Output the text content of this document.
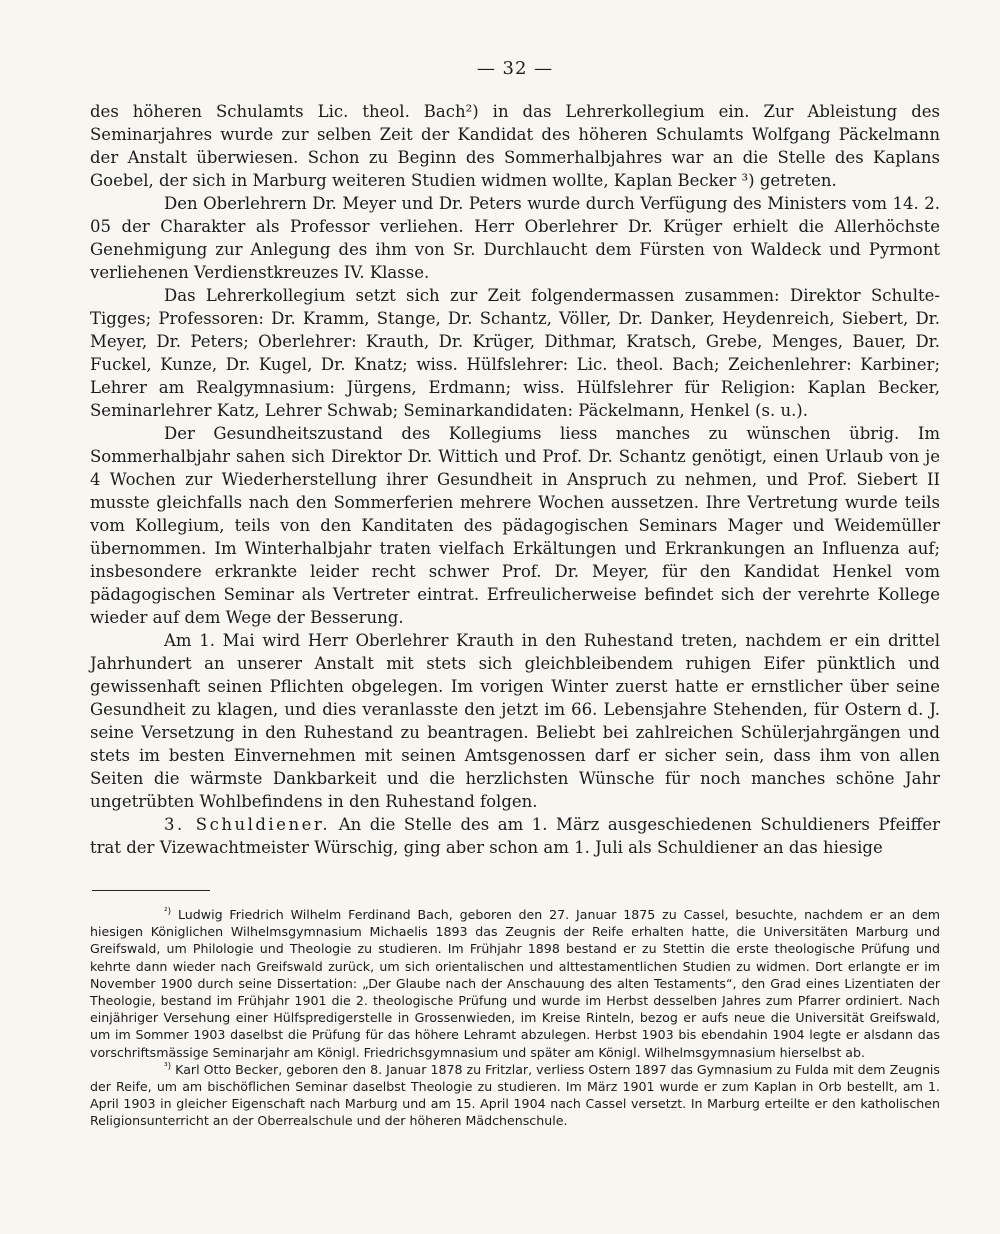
— 32 —

des höheren Schulamts Lic. theol. Bach²) in das Lehrerkollegium ein. Zur Ableistung des Seminarjahres wurde zur selben Zeit der Kandidat des höheren Schulamts Wolfgang Päckelmann der Anstalt überwiesen. Schon zu Beginn des Sommerhalbjahres war an die Stelle des Kaplans Goebel, der sich in Marburg weiteren Studien widmen wollte, Kaplan Becker ³) getreten.

Den Oberlehrern Dr. Meyer und Dr. Peters wurde durch Verfügung des Ministers vom 14. 2. 05 der Charakter als Professor verliehen. Herr Oberlehrer Dr. Krüger erhielt die Allerhöchste Genehmigung zur Anlegung des ihm von Sr. Durchlaucht dem Fürsten von Waldeck und Pyrmont verliehenen Verdienstkreuzes IV. Klasse.

Das Lehrerkollegium setzt sich zur Zeit folgendermassen zusammen: Direktor Schulte-Tigges; Professoren: Dr. Kramm, Stange, Dr. Schantz, Völler, Dr. Danker, Heydenreich, Siebert, Dr. Meyer, Dr. Peters; Oberlehrer: Krauth, Dr. Krüger, Dithmar, Kratsch, Grebe, Menges, Bauer, Dr. Fuckel, Kunze, Dr. Kugel, Dr. Knatz; wiss. Hülfslehrer: Lic. theol. Bach; Zeichenlehrer: Karbiner; Lehrer am Realgymnasium: Jürgens, Erdmann; wiss. Hülfslehrer für Religion: Kaplan Becker, Seminarlehrer Katz, Lehrer Schwab; Seminarkandidaten: Päckelmann, Henkel (s. u.).

Der Gesundheitszustand des Kollegiums liess manches zu wünschen übrig. Im Sommerhalbjahr sahen sich Direktor Dr. Wittich und Prof. Dr. Schantz genötigt, einen Urlaub von je 4 Wochen zur Wiederherstellung ihrer Gesundheit in Anspruch zu nehmen, und Prof. Siebert II musste gleichfalls nach den Sommerferien mehrere Wochen aussetzen. Ihre Vertretung wurde teils vom Kollegium, teils von den Kanditaten des pädagogischen Seminars Mager und Weidemüller übernommen. Im Winterhalbjahr traten vielfach Erkältungen und Erkrankungen an Influenza auf; insbesondere erkrankte leider recht schwer Prof. Dr. Meyer, für den Kandidat Henkel vom pädagogischen Seminar als Vertreter eintrat. Erfreulicherweise befindet sich der verehrte Kollege wieder auf dem Wege der Besserung.

Am 1. Mai wird Herr Oberlehrer Krauth in den Ruhestand treten, nachdem er ein drittel Jahrhundert an unserer Anstalt mit stets sich gleichbleibendem ruhigen Eifer pünktlich und gewissenhaft seinen Pflichten obgelegen. Im vorigen Winter zuerst hatte er ernstlicher über seine Gesundheit zu klagen, und dies veranlasste den jetzt im 66. Lebensjahre Stehenden, für Ostern d. J. seine Versetzung in den Ruhestand zu beantragen. Beliebt bei zahlreichen Schülerjahrgängen und stets im besten Einvernehmen mit seinen Amtsgenossen darf er sicher sein, dass ihm von allen Seiten die wärmste Dankbarkeit und die herzlichsten Wünsche für noch manches schöne Jahr ungetrübten Wohlbefindens in den Ruhestand folgen.

3. Schuldiener. An die Stelle des am 1. März ausgeschiedenen Schuldieners Pfeiffer trat der Vizewachtmeister Würschig, ging aber schon am 1. Juli als Schuldiener an das hiesige

$^{^2)}$ Ludwig Friedrich Wilhelm Ferdinand Bach, geboren den 27. Januar 1875 zu Cassel, besuchte, nachdem er an dem hiesigen Königlichen Wilhelmsgymnasium Michaelis 1893 das Zeugnis der Reife erhalten hatte, die Universitäten Marburg und Greifswald, um Philologie und Theologie zu studieren. Im Frühjahr 1898 bestand er zu Stettin die erste theologische Prüfung und kehrte dann wieder nach Greifswald zurück, um sich orientalischen und alttestamentlichen Studien zu widmen. Dort erlangte er im November 1900 durch seine Dissertation: „Der Glaube nach der Anschauung des alten Testaments“, den Grad eines Lizentiaten der Theologie, bestand im Frühjahr 1901 die 2. theologische Prüfung und wurde im Herbst desselben Jahres zum Pfarrer ordiniert. Nach einjähriger Versehung einer Hülfspredigerstelle in Grossenwieden, im Kreise Rinteln, bezog er aufs neue die Universität Greifswald, um im Sommer 1903 daselbst die Prüfung für das höhere Lehramt abzulegen. Herbst 1903 bis ebendahin 1904 legte er alsdann das vorschriftsmässige Seminarjahr am Königl. Friedrichsgymnasium und später am Königl. Wilhelmsgymnasium hierselbst ab.

$^{^3)}$ Karl Otto Becker, geboren den 8. Januar 1878 zu Fritzlar, verliess Ostern 1897 das Gymnasium zu Fulda mit dem Zeugnis der Reife, um am bischöflichen Seminar daselbst Theologie zu studieren. Im März 1901 wurde er zum Kaplan in Orb bestellt, am 1. April 1903 in gleicher Eigenschaft nach Marburg und am 15. April 1904 nach Cassel versetzt. In Marburg erteilte er den katholischen Religionsunterricht an der Oberrealschule und der höheren Mädchenschule.
